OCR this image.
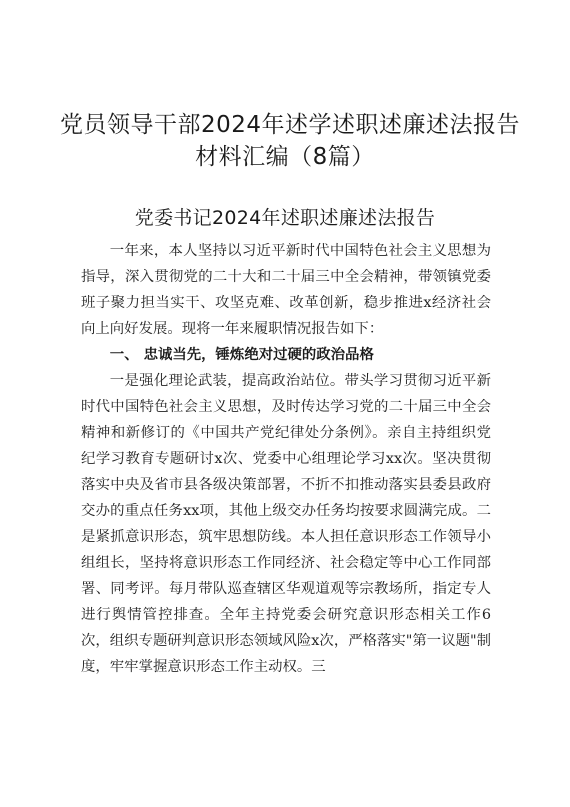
党员领导干部2024年述学述职述廉述法报告
材料汇编（8篇）
党委书记2024年述职述廉述法报告

一年来，本人坚持以习近平新时代中国特色社会主义思想为指导，深入贯彻党的二十大和二十届三中全会精神，带领镇党委班子聚力担当实干、攻坚克难、改革创新，稳步推进x经济社会向上向好发展。现将一年来履职情况报告如下：

一、 忠诚当先，锤炼绝对过硬的政治品格

一是强化理论武装，提高政治站位。带头学习贯彻习近平新时代中国特色社会主义思想，及时传达学习党的二十届三中全会精神和新修订的《中国共产党纪律处分条例》。亲自主持组织党纪学习教育专题研讨x次、党委中心组理论学习xx次。坚决贯彻落实中央及省市县各级决策部署，不折不扣推动落实县委县政府交办的重点任务xx项，其他上级交办任务均按要求圆满完成。二是紧抓意识形态，筑牢思想防线。本人担任意识形态工作领导小组组长，坚持将意识形态工作同经济、社会稳定等中心工作同部署、同考评。每月带队巡查辖区华观道观等宗教场所，指定专人进行舆情管控排查。全年主持党委会研究意识形态相关工作6次，组织专题研判意识形态领域风险x次，严格落实"第一议题"制度，牢牢掌握意识形态工作主动权。三
